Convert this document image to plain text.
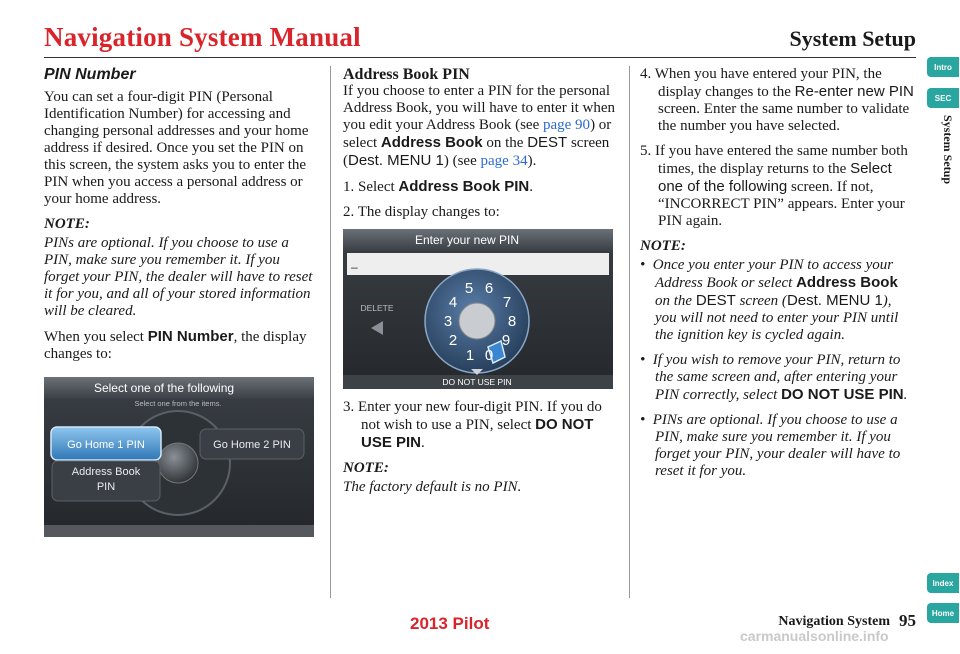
Navigation System Manual	System Setup
Intro
SEC
System Setup
Index
Home
PIN Number

You can set a four-digit PIN (Personal Identification Number) for accessing and changing personal addresses and your home address if desired. Once you set the PIN on this screen, the system asks you to enter the PIN when you access a personal address or your home address.

NOTE:

PINs are optional. If you choose to use a PIN, make sure you remember it. If you forget your PIN, the dealer will have to reset it for you, and all of your stored information will be cleared.

When you select PIN Number, the display changes to:

Select one of the following
Select one from the items.
Go Home 1 PIN	Go Home 2 PIN
Address Book
PIN
Address Book PIN

If you choose to enter a PIN for the personal Address Book, you will have to enter it when you edit your Address Book (see page 90) or select Address Book on the DEST screen (Dest. MENU 1) (see page 34).

1. Select Address Book PIN.

2. The display changes to:

Enter your new PIN
–
DELETE
0
1
2
3
4
5 6
7
8
9
DO NOT USE PIN

3. Enter your new four-digit PIN. If you do not wish to use a PIN, select DO NOT USE PIN.

NOTE:

The factory default is no PIN.

4. When you have entered your PIN, the display changes to the Re-enter new PIN screen. Enter the same number to validate the number you have selected.

5. If you have entered the same number both times, the display returns to the Select one of the following screen. If not, “INCORRECT PIN” appears. Enter your PIN again.

NOTE:

•  Once you enter your PIN to access your Address Book or select Address Book on the DEST screen (Dest. MENU 1), you will not need to enter your PIN until the ignition key is cycled again.

•  If you wish to remove your PIN, return to the same screen and, after entering your PIN correctly, select DO NOT USE PIN.

•  PINs are optional. If you choose to use a PIN, make sure you remember it. If you forget your PIN, your dealer will have to reset it for you.

2013 Pilot	Navigation System 95
carmanualsonline.info
